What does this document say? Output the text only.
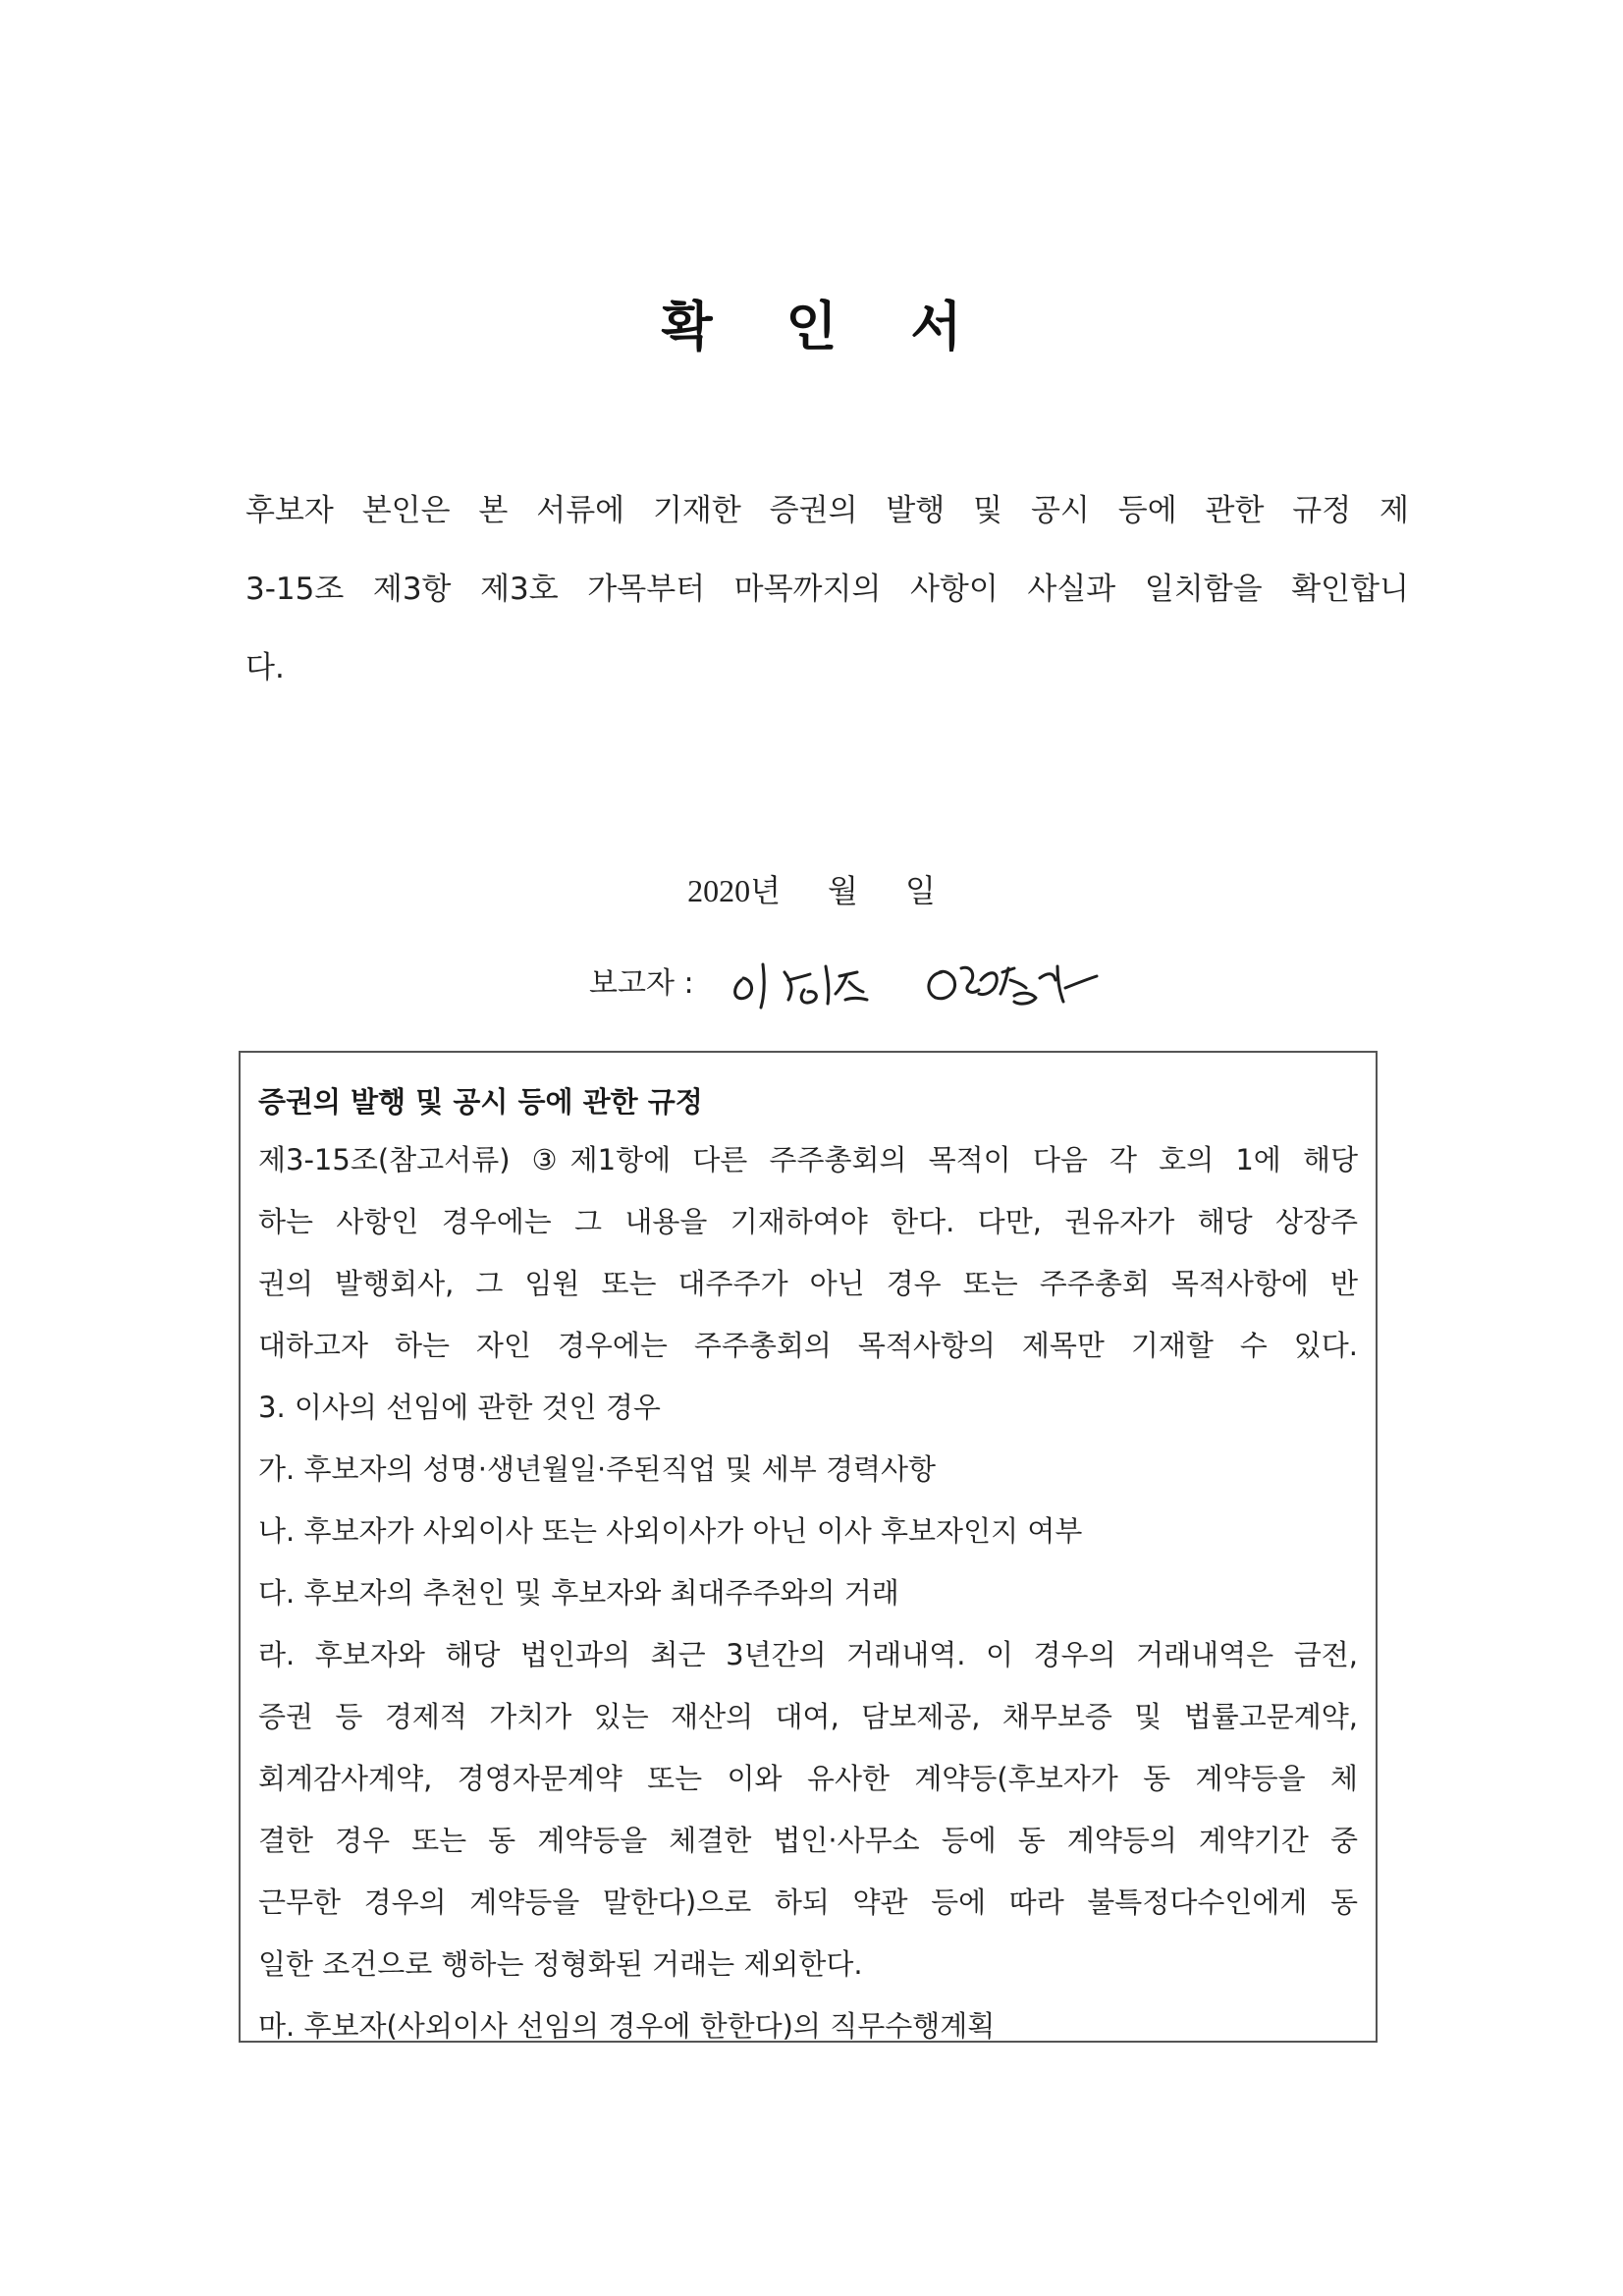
확 인 서
후보자 본인은 본 서류에 기재한 증권의 발행 및 공시 등에 관한 규정 제
3-15조 제3항 제3호 가목부터 마목까지의 사항이 사실과 일치함을 확인합니
다.
2020년      월      일
보고자 :
증권의 발행 및 공시 등에 관한 규정
제3-15조(참고서류) ③제1항에 다른 주주총회의 목적이 다음 각 호의 1에 해당
하는 사항인 경우에는 그 내용을 기재하여야 한다. 다만, 권유자가 해당 상장주
권의 발행회사, 그 임원 또는 대주주가 아닌 경우 또는 주주총회 목적사항에 반
대하고자 하는 자인 경우에는 주주총회의 목적사항의 제목만 기재할 수 있다.
3. 이사의 선임에 관한 것인 경우
가. 후보자의 성명·생년월일·주된직업 및 세부 경력사항
나. 후보자가 사외이사 또는 사외이사가 아닌 이사 후보자인지 여부
다. 후보자의 추천인 및 후보자와 최대주주와의 거래
라. 후보자와 해당 법인과의 최근 3년간의 거래내역. 이 경우의 거래내역은 금전,
증권 등 경제적 가치가 있는 재산의 대여, 담보제공, 채무보증 및 법률고문계약,
회계감사계약, 경영자문계약 또는 이와 유사한 계약등(후보자가 동 계약등을 체
결한 경우 또는 동 계약등을 체결한 법인·사무소 등에 동 계약등의 계약기간 중
근무한 경우의 계약등을 말한다)으로 하되 약관 등에 따라 불특정다수인에게 동
일한 조건으로 행하는 정형화된 거래는 제외한다.
마. 후보자(사외이사 선임의 경우에 한한다)의 직무수행계획
